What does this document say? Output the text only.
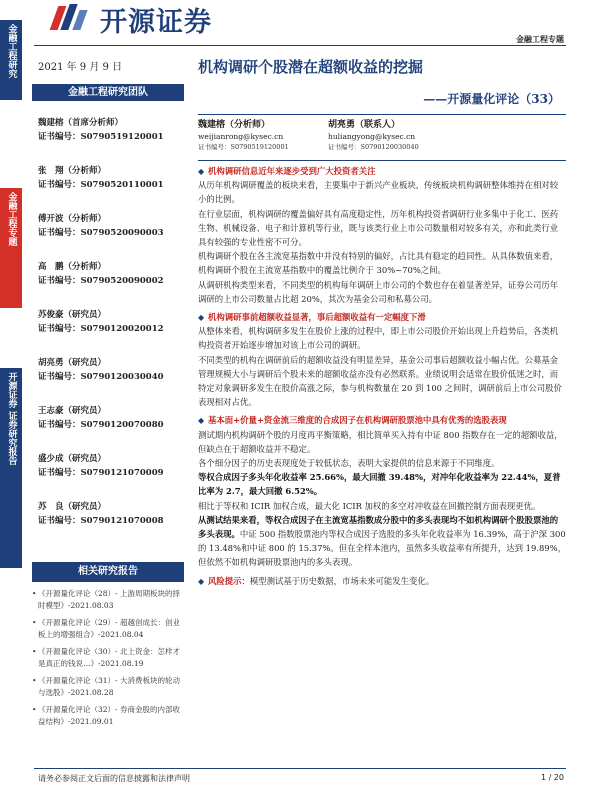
开源证券
金融工程专题
金融工程研究
金融工程专题
开源证券 证券研究报告
2021 年 9 月 9 日
金融工程研究团队
魏建榕（首席分析师）
证书编号：S0790519120001
张　翔（分析师）
证书编号：S0790520110001
傅开波（分析师）
证书编号：S0790520090003
高　鹏（分析师）
证书编号：S0790520090002
苏俊豪（研究员）
证书编号：S0790120020012
胡亮勇（研究员）
证书编号：S0790120030040
王志豪（研究员）
证书编号：S0790120070080
盛少成（研究员）
证书编号：S0790121070009
苏　良（研究员）
证书编号：S0790121070008
相关研究报告
• 《开源量化评论（28）- 上游周期板块的择时模型》-2021.08.03
• 《开源量化评论（29）- 超越创成长：创业板上的增强组合》-2021.08.04
• 《开源量化评论（30）- 北上资金：怎样才是真正的钱说…》-2021.08.19
• 《开源量化评论（31）- 大消费板块的轮动与选股》-2021.08.28
• 《开源量化评论（32）- 券商金股的内部收益结构》-2021.09.01
机构调研个股潜在超额收益的挖掘
——开源量化评论（33）
魏建榕（分析师）
weijianrong@kysec.cn
证书编号：S0790519120001
胡亮勇（联系人）
huliangyong@kysec.cn
证书编号：S0790120030040
◆ 机构调研信息近年来逐步受到广大投资者关注

从历年机构调研覆盖的板块来看，主要集中于新兴产业板块，传统板块机构调研整体维持在相对较小的比例。

在行业层面，机构调研的覆盖偏好具有高度稳定性，历年机构投资者调研行业多集中于化工、医药生物、机械设备、电子和计算机等行业，既与该类行业上市公司数量相对较多有关，亦和此类行业具有较强的专业性密不可分。

机构调研个股在各主流宽基指数中并没有特别的偏好，占比具有稳定的趋同性。从具体数值来看，机构调研个股在主流宽基指数中的覆盖比例介于 30%~70%之间。

从调研机构类型来看，不同类型的机构每年调研上市公司的个数也存在着显著差异，证券公司历年调研的上市公司数量占比超 20%，其次为基金公司和私募公司。

◆ 机构调研事前超额收益显著，事后超额收益有一定幅度下滑

从整体来看，机构调研多发生在股价上涨的过程中，即上市公司股价开始出现上升趋势后，各类机构投资者开始逐步增加对该上市公司的调研。

不同类型的机构在调研前后的超额收益没有明显差异，基金公司事后超额收益小幅占优。公募基金管理规模大小与调研后个股未来的超额收益亦没有必然联系。业绩说明会适常在股价低迷之时，而特定对象调研多发生在股价高涨之际，参与机构数量在 20 到 100 之间时，调研前后上市公司股价表现相对占优。

◆ 基本面+价量+资金流三维度的合成因子在机构调研股票池中具有优秀的选股表现

测试期内机构调研个股的月度再平衡策略，相比简单买入持有中证 800 指数存在一定的超额收益，但缺点在于超额收益并不稳定。

各个细分因子的历史表现度处于较低状态，表明大家提供的信息来源于不同维度。

等权合成因子多头年化收益率 25.66%，最大回撤 39.48%，对冲年化收益率为 22.44%，夏普比率为 2.7，最大回撤 6.52%。

相比于等权和 ICIR 加权合成，最大化 ICIR 加权的多空对冲收益在回撤控制方面表现更优。

从测试结果来看，等权合成因子在主流宽基指数成分股中的多头表现均不如机构调研个股股票池的多头表现。中证 500 指数股票池内等权合成因子选股的多头年化收益率为 16.39%，高于沪深 300 的 13.48%和中证 800 的 15.37%。但在全样本池内，虽然多头收益率有所提升，达到 19.89%，但依然不如机构调研股票池内的多头表现。

◆ 风险提示：模型测试基于历史数据，市场未来可能发生变化。
请务必参阅正文后面的信息披露和法律声明	1 / 20
